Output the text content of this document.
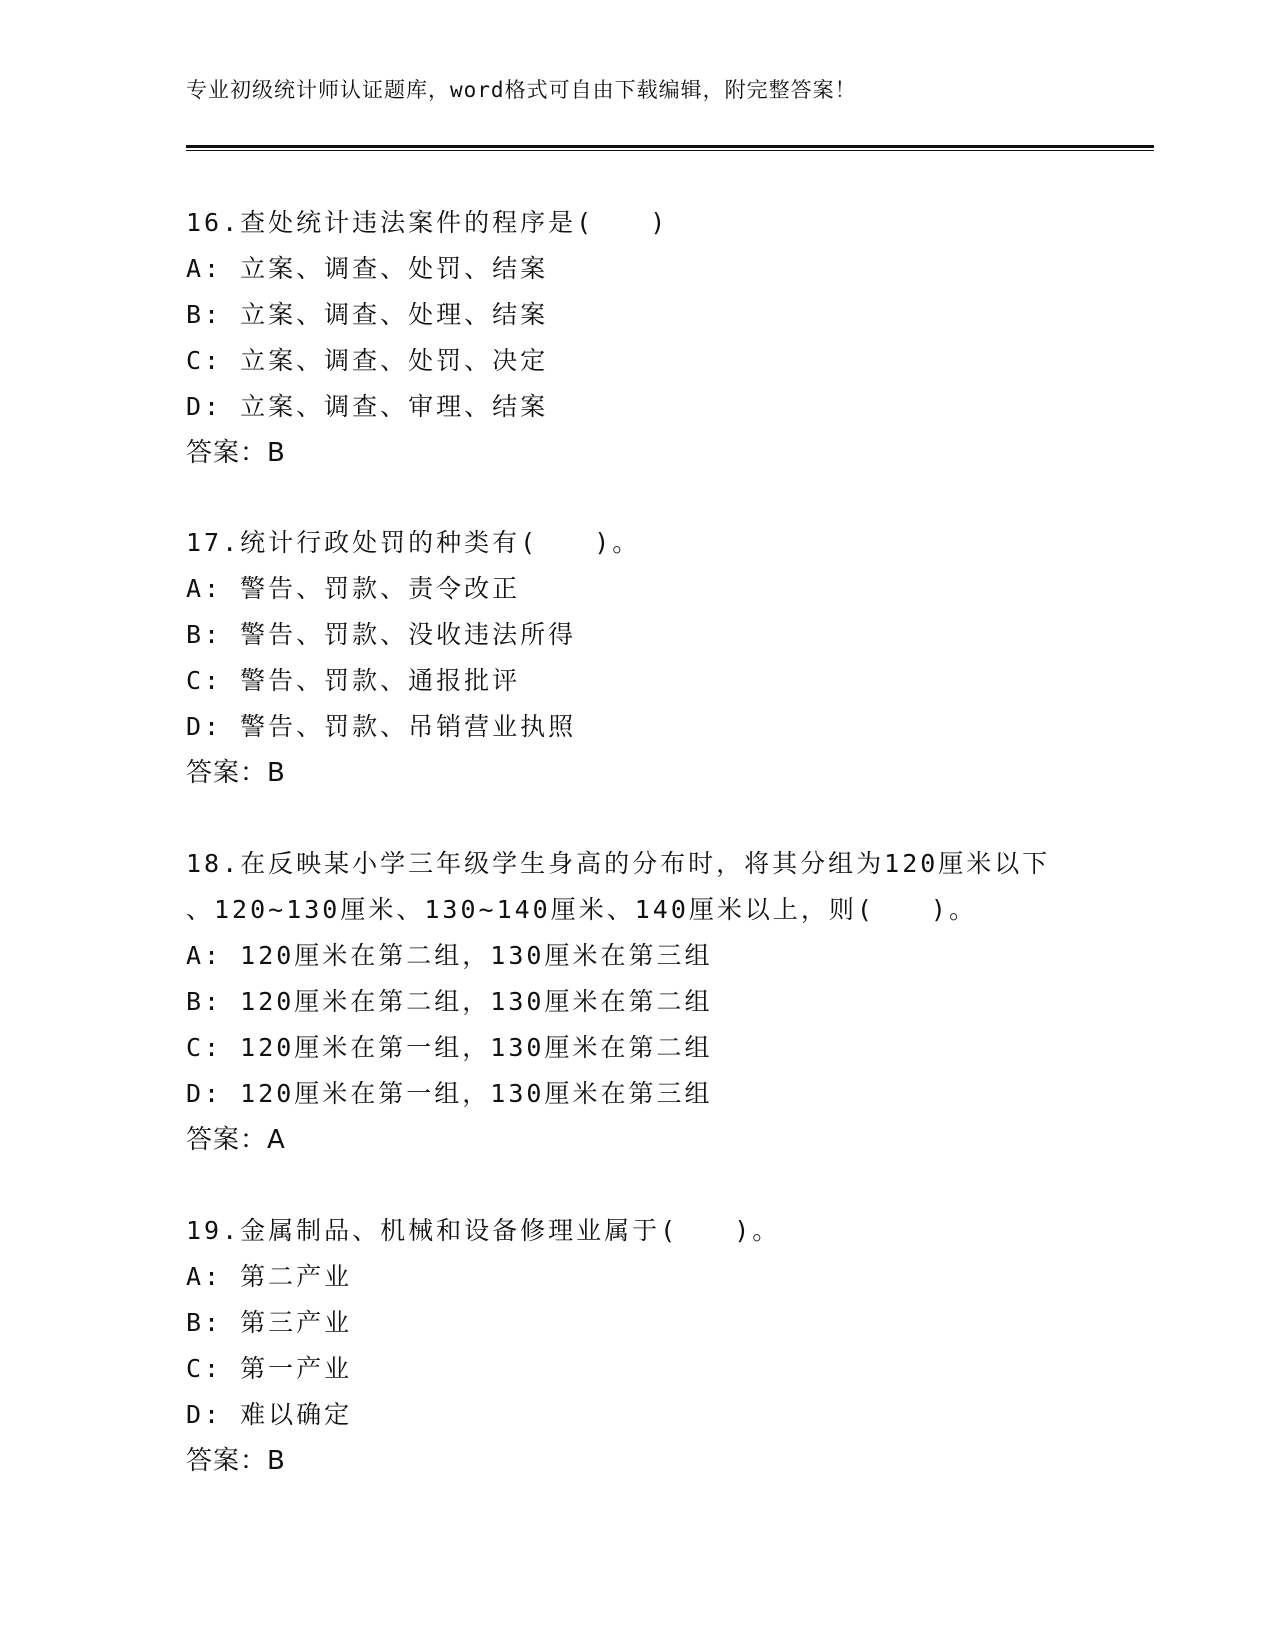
专业初级统计师认证题库，word格式可自由下载编辑，附完整答案！
16.查处统计违法案件的程序是(　　)
A: 立案、调查、处罚、结案
B: 立案、调查、处理、结案
C: 立案、调查、处罚、决定
D: 立案、调查、审理、结案
答案：B
17.统计行政处罚的种类有(　　)。
A: 警告、罚款、责令改正
B: 警告、罚款、没收违法所得
C: 警告、罚款、通报批评
D: 警告、罚款、吊销营业执照
答案：B
18.在反映某小学三年级学生身高的分布时，将其分组为120厘米以下
、120~130厘米、130~140厘米、140厘米以上，则(　　)。
A: 120厘米在第二组，130厘米在第三组
B: 120厘米在第二组，130厘米在第二组
C: 120厘米在第一组，130厘米在第二组
D: 120厘米在第一组，130厘米在第三组
答案：A
19.金属制品、机械和设备修理业属于(　　)。
A: 第二产业
B: 第三产业
C: 第一产业
D: 难以确定
答案：B
